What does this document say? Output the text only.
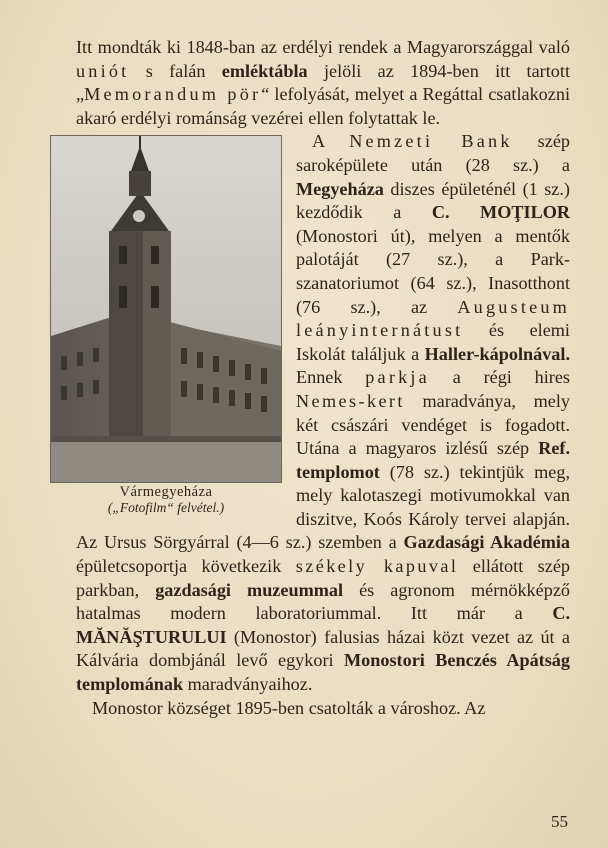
Itt mondták ki 1848-ban az erdélyi rendek a Magyarországgal való uniót s falán emléktábla jelöli az 1894-ben itt tartott „Memorandum pör“ lefolyását, melyet a Regáttal csatlakozni akaró erdélyi románság vezérei ellen folytattak le.

Vármegyeháza
(„Fotofilm“ felvétel.)

A Nemzeti Bank szép saroképülete után (28 sz.) a Megyeháza diszes épületénél (1 sz.) kezdődik a C. MOŢILOR (Monostori út), melyen a mentők palotáját (27 sz.), a Park-szanatoriumot (64 sz.), Inasotthont (76 sz.), az Augusteum leányinternátust és elemi Iskolát találjuk a Haller-kápolnával. Ennek parkja a régi hires Nemes-kert maradványa, mely két császári vendéget is fogadott. Utána a magyaros izlésű szép Ref. templomot (78 sz.) tekintjük meg, mely kalotaszegi motivumokkal van diszitve, Koós Károly tervei alapján. Az Ursus Sörgyárral (4—6 sz.) szemben a Gazdasági Akadémia épületcsoportja következik székely kapuval ellátott szép parkban, gazdasági muzeummal és agronom mérnökképző hatalmas modern laboratoriummal. Itt már a C. MĂNĂŞTURULUI (Monostor) falusias házai közt vezet az út a Kálvária dombjánál levő egykori Monostori Benczés Apátság templomának maradványaihoz.

Monostor községet 1895-ben csatolták a városhoz. Az

55
